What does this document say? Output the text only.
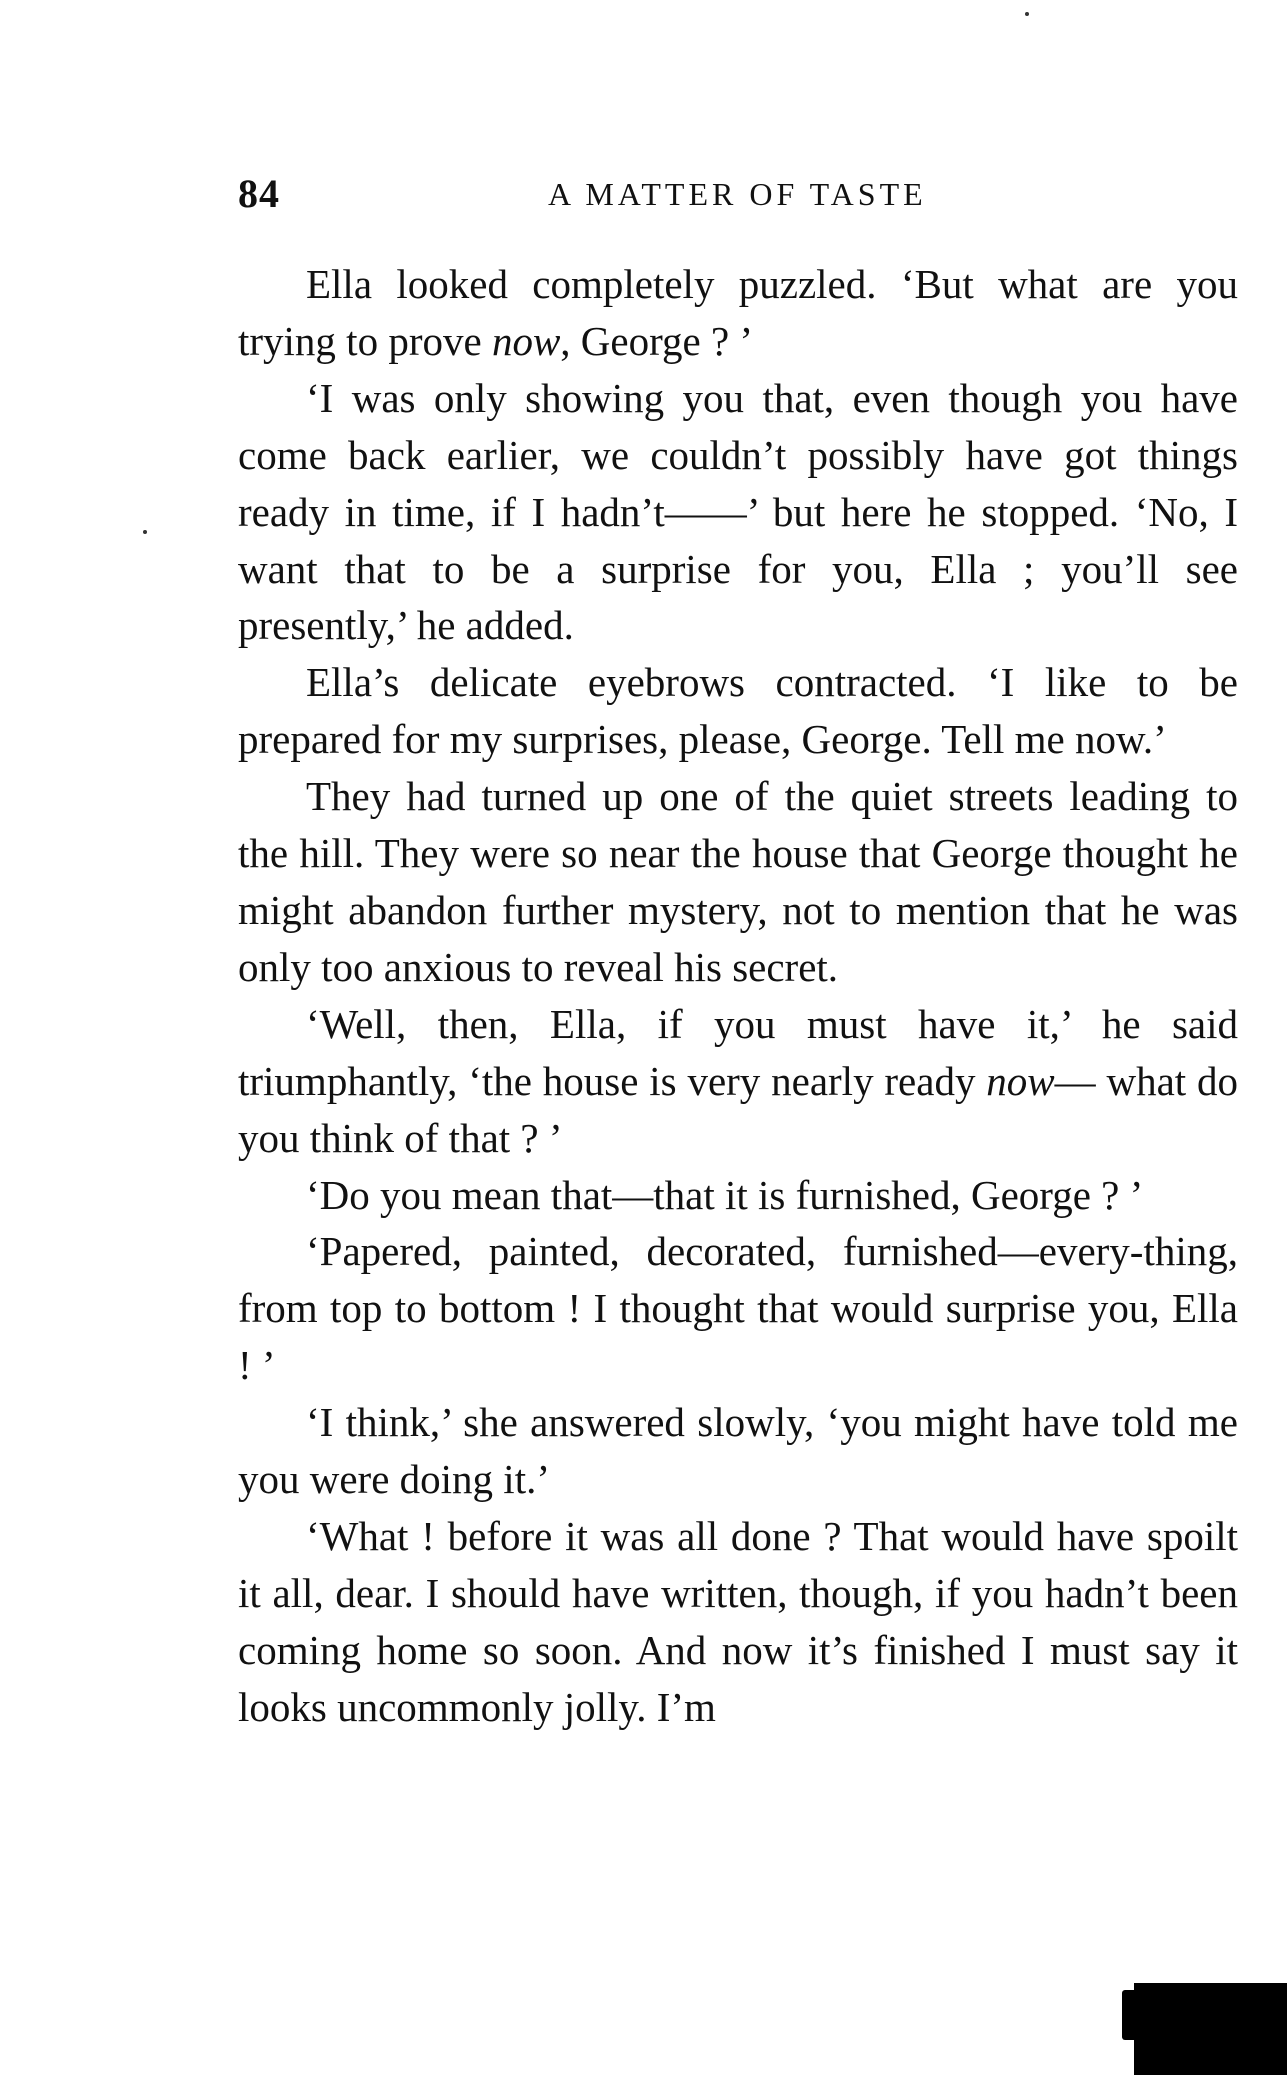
84	A MATTER OF TASTE

Ella looked completely puzzled. ‘But what are you trying to prove now, George ? ’

‘I was only showing you that, even though you have come back earlier, we couldn’t possibly have got things ready in time, if I hadn’t——’ but here he stopped. ‘No, I want that to be a surprise for you, Ella ; you’ll see presently,’ he added.

Ella’s delicate eyebrows contracted. ‘I like to be prepared for my surprises, please, George. Tell me now.’

They had turned up one of the quiet streets leading to the hill. They were so near the house that George thought he might abandon further mystery, not to mention that he was only too anxious to reveal his secret.

‘Well, then, Ella, if you must have it,’ he said triumphantly, ‘the house is very nearly ready now— what do you think of that ? ’

‘Do you mean that—that it is furnished, George ? ’

‘Papered, painted, decorated, furnished—every-thing, from top to bottom ! I thought that would surprise you, Ella ! ’

‘I think,’ she answered slowly, ‘you might have told me you were doing it.’

‘What ! before it was all done ? That would have spoilt it all, dear. I should have written, though, if you hadn’t been coming home so soon. And now it’s finished I must say it looks uncommonly jolly. I’m
